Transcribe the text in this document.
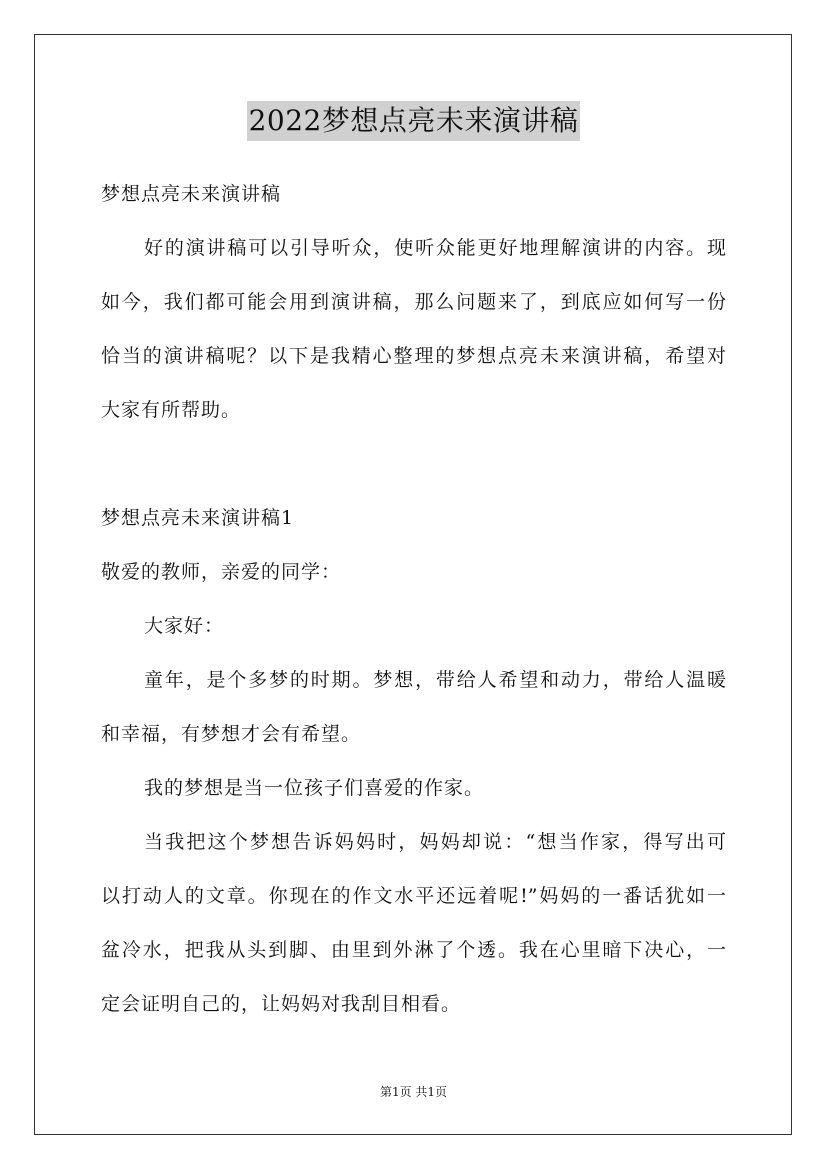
2022梦想点亮未来演讲稿
梦想点亮未来演讲稿
好的演讲稿可以引导听众，使听众能更好地理解演讲的内容。现
如今，我们都可能会用到演讲稿，那么问题来了，到底应如何写一份
恰当的演讲稿呢？以下是我精心整理的梦想点亮未来演讲稿，希望对
大家有所帮助。
梦想点亮未来演讲稿1
敬爱的教师，亲爱的同学：
大家好：
童年，是个多梦的时期。梦想，带给人希望和动力，带给人温暖
和幸福，有梦想才会有希望。
我的梦想是当一位孩子们喜爱的作家。
当我把这个梦想告诉妈妈时，妈妈却说：“想当作家，得写出可
以打动人的文章。你现在的作文水平还远着呢!”妈妈的一番话犹如一
盆冷水，把我从头到脚、由里到外淋了个透。我在心里暗下决心，一
定会证明自己的，让妈妈对我刮目相看。
第1页 共1页
